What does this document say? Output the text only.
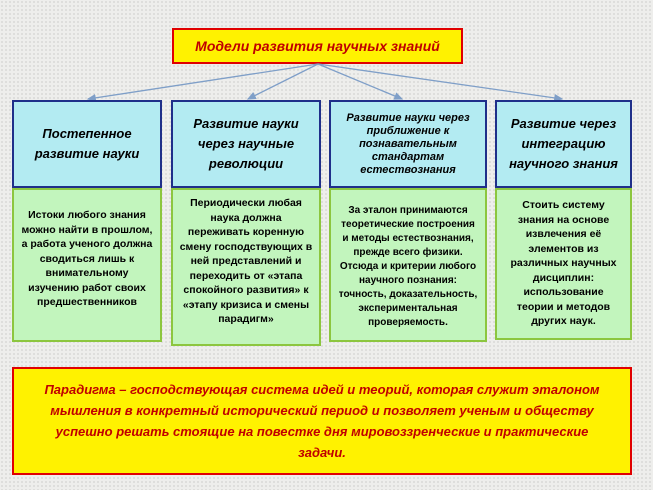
Модели развития научных знаний
Постепенное развитие науки
Истоки любого знания можно найти в прошлом, а работа ученого должна сводиться лишь к внимательному изучению работ своих предшественников
Развитие науки через научные революции
Периодически любая наука должна переживать коренную смену господствующих в ней представлений и переходить от «этапа спокойного развития» к «этапу кризиса и смены парадигм»
Развитие науки через приближение к познавательным стандартам естествознания
За эталон принимаются теоретические построения и методы естествознания, прежде всего физики. Отсюда и критерии любого научного познания: точность, доказательность, экспериментальная проверяемость.
Развитие через интеграцию научного знания
Стоить систему знания на основе извлечения её элементов из различных научных дисциплин: использование теории и методов других наук.
Парадигма – господствующая система идей и теорий, которая служит эталоном мышления в конкретный исторический период и позволяет ученым и обществу успешно решать стоящие на повестке дня мировоззренческие и практические задачи.
